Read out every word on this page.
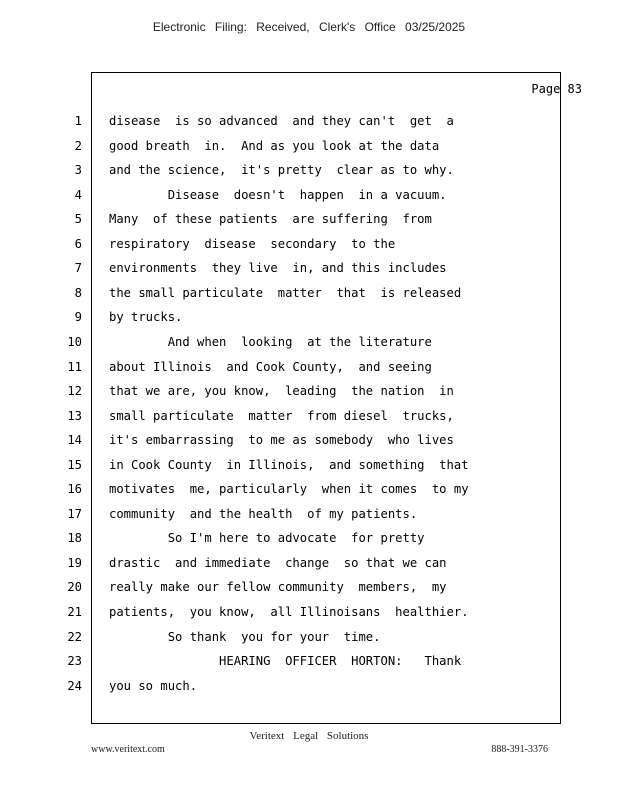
Electronic Filing: Received, Clerk's Office 03/25/2025
Page 83
1 disease  is so advanced  and they can't  get  a
2 good breath  in.  And as you look at the data
3 and the science,  it's pretty  clear as to why.
4 Disease  doesn't  happen  in a vacuum.
5 Many  of these patients  are suffering  from
6 respiratory  disease  secondary  to the
7 environments  they live  in, and this includes
8 the small particulate  matter  that  is released
9 by trucks.
10 And when  looking  at the literature
11 about Illinois  and Cook County,  and seeing
12 that we are, you know,  leading  the nation  in
13 small particulate  matter  from diesel  trucks,
14 it's embarrassing  to me as somebody  who lives
15 in Cook County  in Illinois,  and something  that
16 motivates  me, particularly  when it comes  to my
17 community  and the health  of my patients.
18 So I'm here to advocate  for pretty
19 drastic  and immediate  change  so that we can
20 really make our fellow community  members,  my
21 patients,  you know,  all Illinoisans  healthier.
22 So thank  you for your  time.
23 HEARING  OFFICER  HORTON:   Thank
24 you so much.
Veritext Legal Solutions
www.veritext.com	888-391-3376
